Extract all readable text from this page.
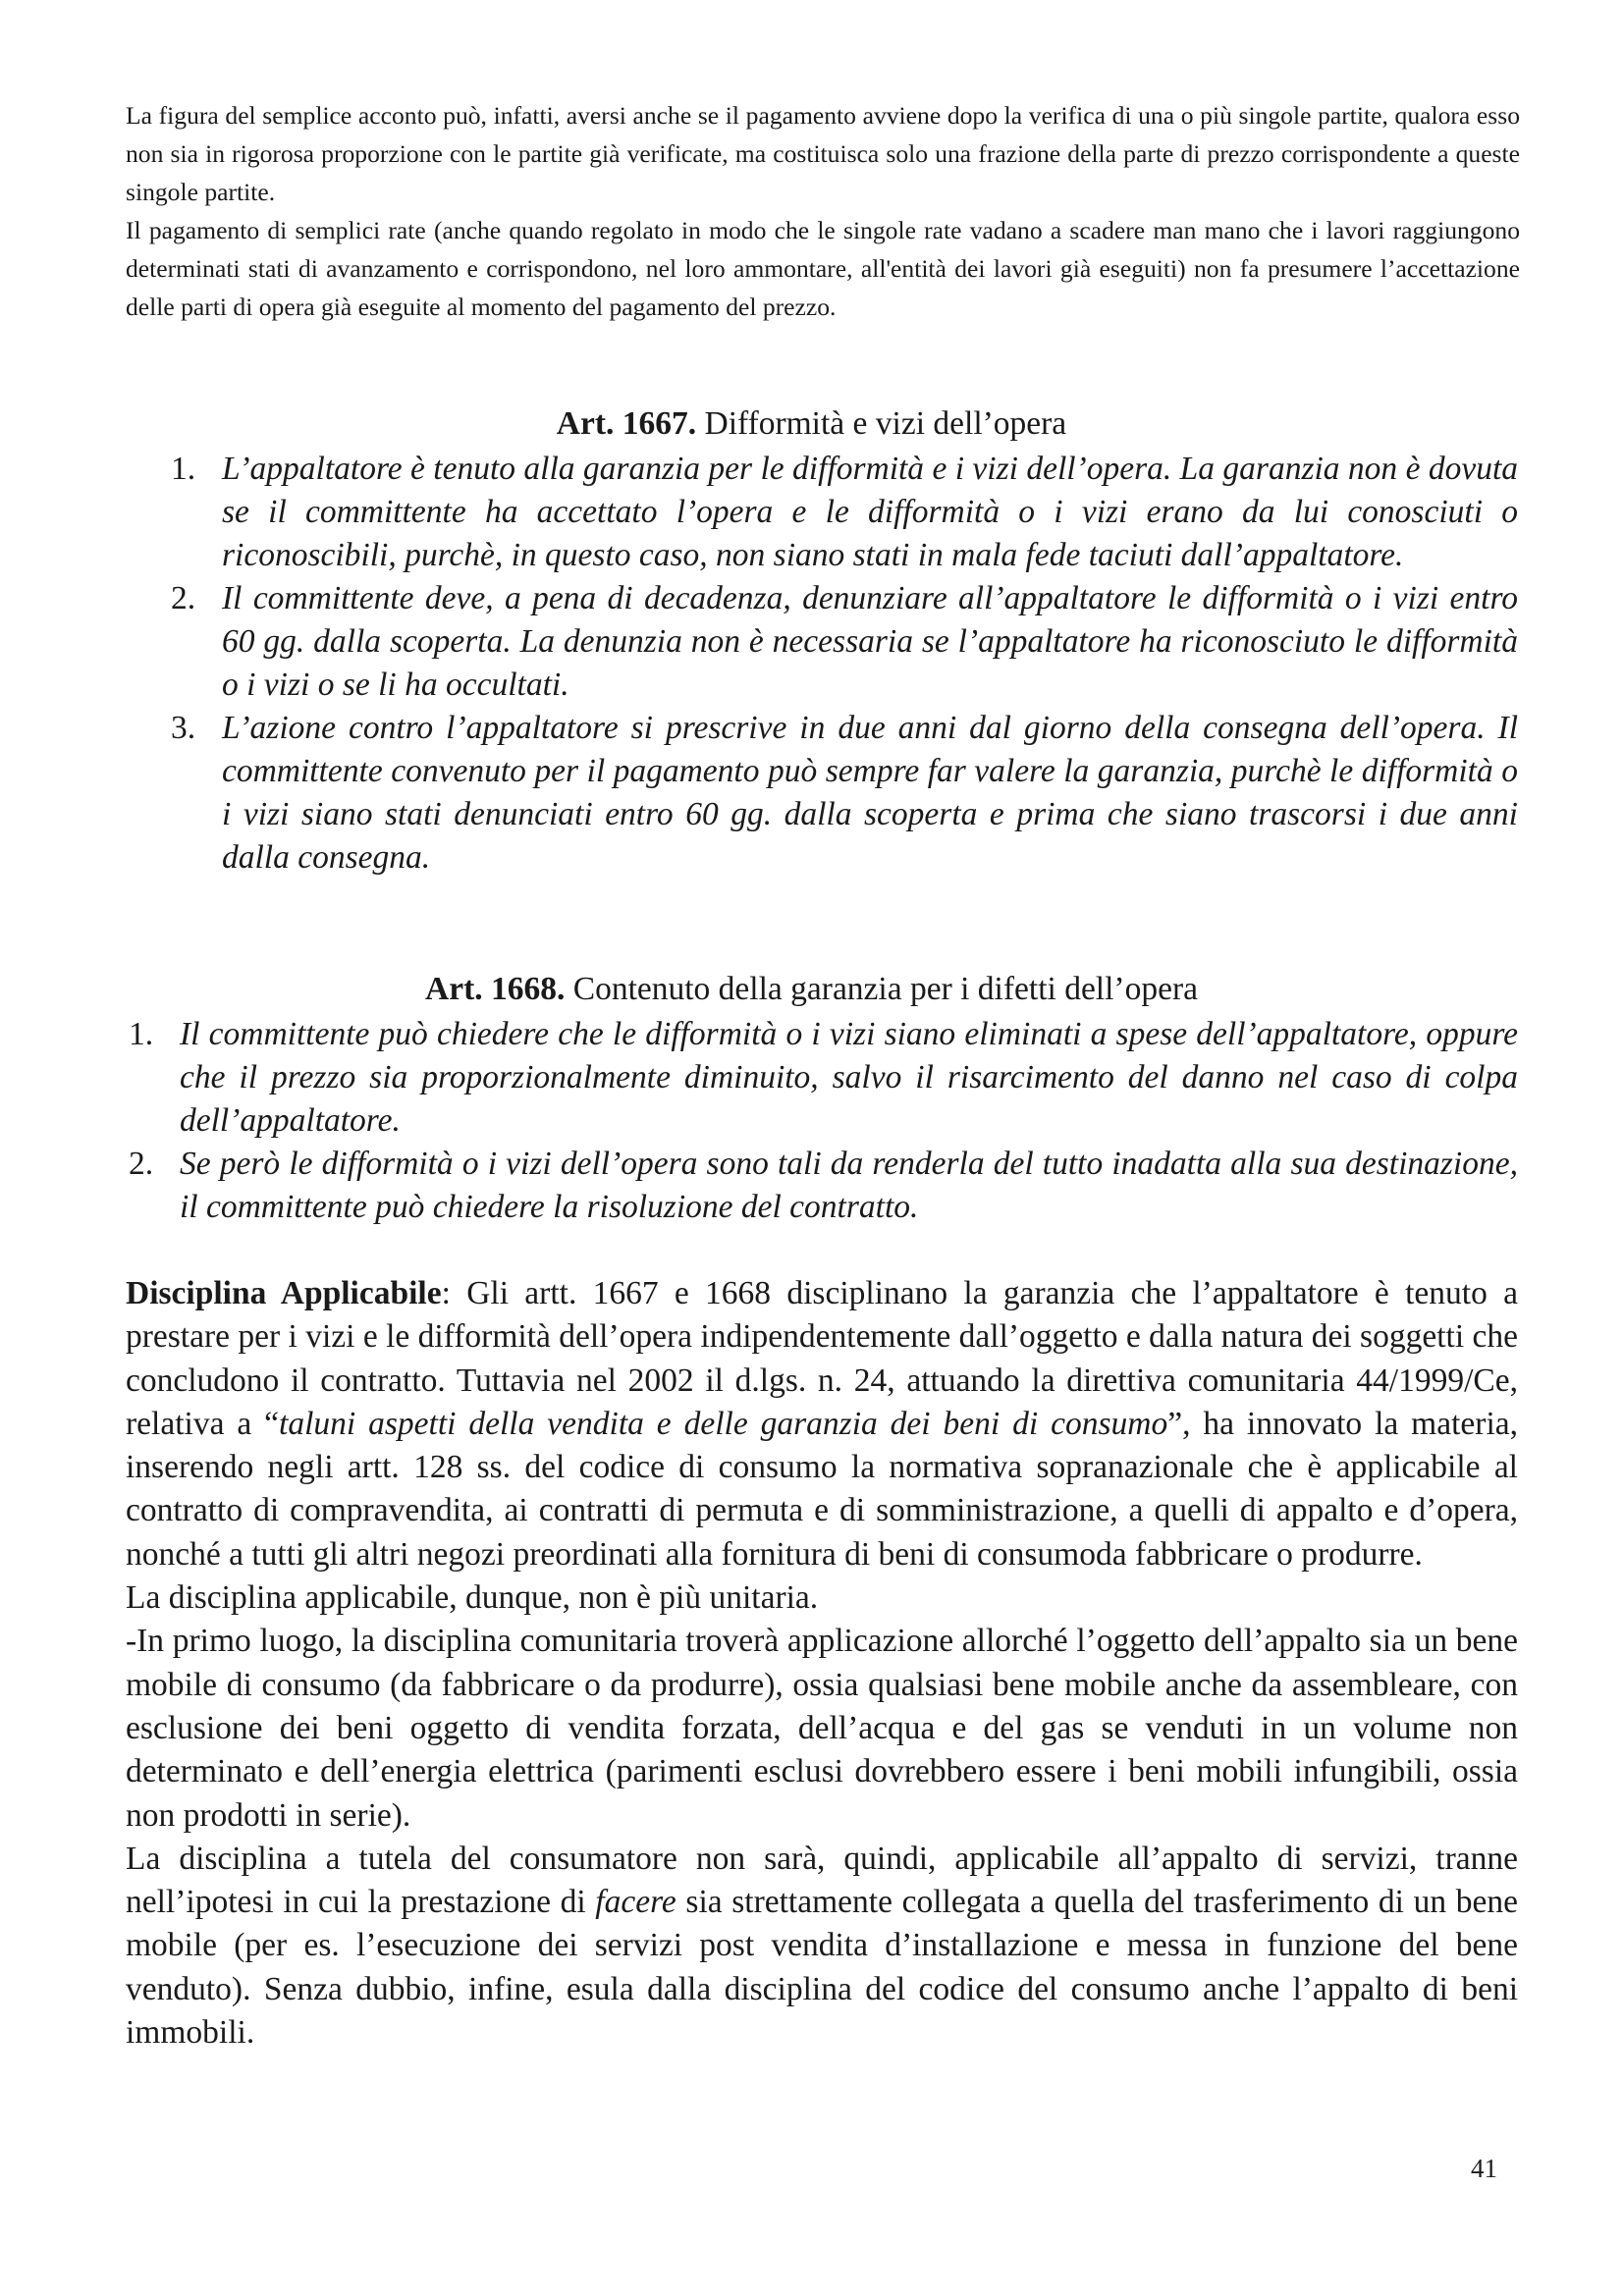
La figura del semplice acconto può, infatti, aversi anche se il pagamento avviene dopo la verifica di una o più singole partite, qualora esso non sia in rigorosa proporzione con le partite già verificate, ma costituisca solo una frazione della parte di prezzo corrispondente a queste singole partite.

Il pagamento di semplici rate (anche quando regolato in modo che le singole rate vadano a scadere man mano che i lavori raggiungono determinati stati di avanzamento e corrispondono, nel loro ammontare, all'entità dei lavori già eseguiti) non fa presumere l’accettazione delle parti di opera già eseguite al momento del pagamento del prezzo.

Art. 1667. Difformità e vizi dell’opera
1. L’appaltatore è tenuto alla garanzia per le difformità e i vizi dell’opera. La garanzia non è dovuta se il committente ha accettato l’opera e le difformità o i vizi erano da lui conosciuti o riconoscibili, purchè, in questo caso, non siano stati in mala fede taciuti dall’appaltatore.
2. Il committente deve, a pena di decadenza, denunziare all’appaltatore le difformità o i vizi entro 60 gg. dalla scoperta. La denunzia non è necessaria se l’appaltatore ha riconosciuto le difformità o i vizi o se li ha occultati.
3. L’azione contro l’appaltatore si prescrive in due anni dal giorno della consegna dell’opera. Il committente convenuto per il pagamento può sempre far valere la garanzia, purchè le difformità o i vizi siano stati denunciati entro 60 gg. dalla scoperta e prima che siano trascorsi i due anni dalla consegna.
Art. 1668. Contenuto della garanzia per i difetti dell’opera
1. Il committente può chiedere che le difformità o i vizi siano eliminati a spese dell’appaltatore, oppure che il prezzo sia proporzionalmente diminuito, salvo il risarcimento del danno nel caso di colpa dell’appaltatore.
2. Se però le difformità o i vizi dell’opera sono tali da renderla del tutto inadatta alla sua destinazione, il committente può chiedere la risoluzione del contratto.

Disciplina Applicabile: Gli artt. 1667 e 1668 disciplinano la garanzia che l’appaltatore è tenuto a prestare per i vizi e le difformità dell’opera indipendentemente dall’oggetto e dalla natura dei soggetti che concludono il contratto. Tuttavia nel 2002 il d.lgs. n. 24, attuando la direttiva comunitaria 44/1999/Ce, relativa a “taluni aspetti della vendita e delle garanzia dei beni di consumo”, ha innovato la materia, inserendo negli artt. 128 ss. del codice di consumo la normativa sopranazionale che è applicabile al contratto di compravendita, ai contratti di permuta e di somministrazione, a quelli di appalto e d’opera, nonché a tutti gli altri negozi preordinati alla fornitura di beni di consumoda fabbricare o produrre.

La disciplina applicabile, dunque, non è più unitaria.

-In primo luogo, la disciplina comunitaria troverà applicazione allorché l’oggetto dell’appalto sia un bene mobile di consumo (da fabbricare o da produrre), ossia qualsiasi bene mobile anche da assembleare, con esclusione dei beni oggetto di vendita forzata, dell’acqua e del gas se venduti in un volume non determinato e dell’energia elettrica (parimenti esclusi dovrebbero essere i beni mobili infungibili, ossia non prodotti in serie).

La disciplina a tutela del consumatore non sarà, quindi, applicabile all’appalto di servizi, tranne nell’ipotesi in cui la prestazione di facere sia strettamente collegata a quella del trasferimento di un bene mobile (per es. l’esecuzione dei servizi post vendita d’installazione e messa in funzione del bene venduto). Senza dubbio, infine, esula dalla disciplina del codice del consumo anche l’appalto di beni immobili.

41
